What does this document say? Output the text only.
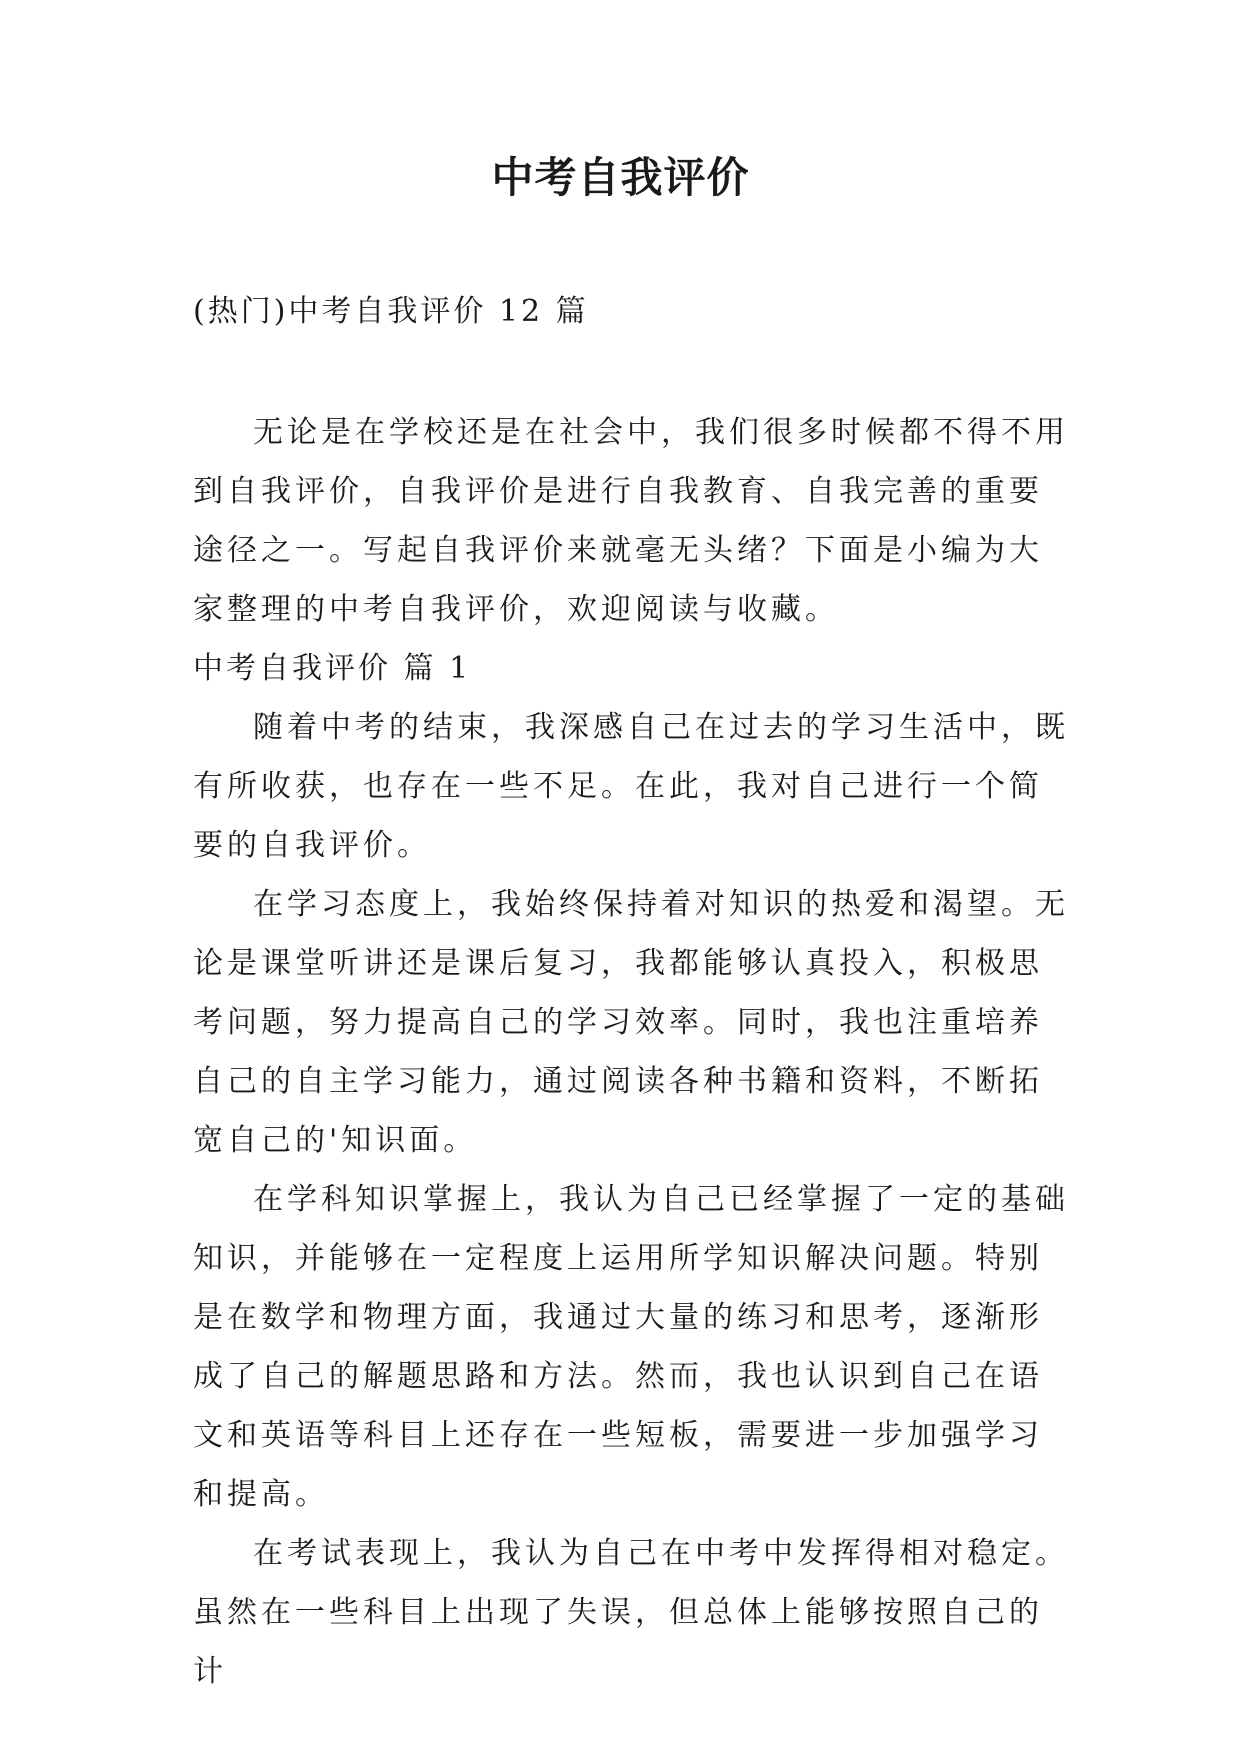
中考自我评价
(热门)中考自我评价 12 篇

无论是在学校还是在社会中，我们很多时候都不得不用到自我评价，自我评价是进行自我教育、自我完善的重要途径之一。写起自我评价来就毫无头绪？下面是小编为大家整理的中考自我评价，欢迎阅读与收藏。

中考自我评价 篇 1

随着中考的结束，我深感自己在过去的学习生活中，既有所收获，也存在一些不足。在此，我对自己进行一个简要的自我评价。

在学习态度上，我始终保持着对知识的热爱和渴望。无论是课堂听讲还是课后复习，我都能够认真投入，积极思考问题，努力提高自己的学习效率。同时，我也注重培养自己的自主学习能力，通过阅读各种书籍和资料，不断拓宽自己的'知识面。

在学科知识掌握上，我认为自己已经掌握了一定的基础知识，并能够在一定程度上运用所学知识解决问题。特别是在数学和物理方面，我通过大量的练习和思考，逐渐形成了自己的解题思路和方法。然而，我也认识到自己在语文和英语等科目上还存在一些短板，需要进一步加强学习和提高。

在考试表现上，我认为自己在中考中发挥得相对稳定。虽然在一些科目上出现了失误，但总体上能够按照自己的计
